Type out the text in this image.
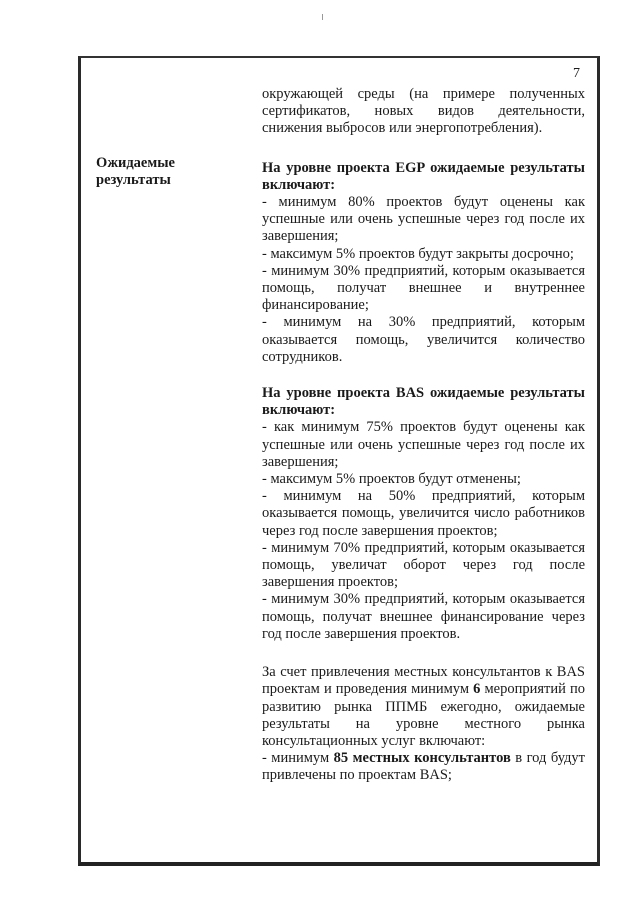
7
Ожидаемые результаты

окружающей среды (на примере полученных сертификатов, новых видов деятельности, снижения выбросов или энергопотребления).

На уровне проекта EGP ожидаемые результаты включают:

- минимум 80% проектов будут оценены как успешные или очень успешные через год после их завершения;

- максимум 5% проектов будут закрыты досрочно;

- минимум 30% предприятий, которым оказывается помощь, получат внешнее и внутреннее финансирование;

- минимум на 30% предприятий, которым оказывается помощь, увеличится количество сотрудников.

На уровне проекта BAS ожидаемые результаты включают:

- как минимум 75% проектов будут оценены как успешные или очень успешные через год после их завершения;

- максимум 5% проектов будут отменены;

- минимум на 50% предприятий, которым оказывается помощь, увеличится число работников через год после завершения проектов;

- минимум 70% предприятий, которым оказывается помощь, увеличат оборот через год после завершения проектов;

- минимум 30% предприятий, которым оказывается помощь, получат внешнее финансирование через год после завершения проектов.

За счет привлечения местных консультантов к BAS проектам и проведения минимум 6 мероприятий по развитию рынка ППМБ ежегодно, ожидаемые результаты на уровне местного рынка консультационных услуг включают:

- минимум 85 местных консультантов в год будут привлечены по проектам BAS;
